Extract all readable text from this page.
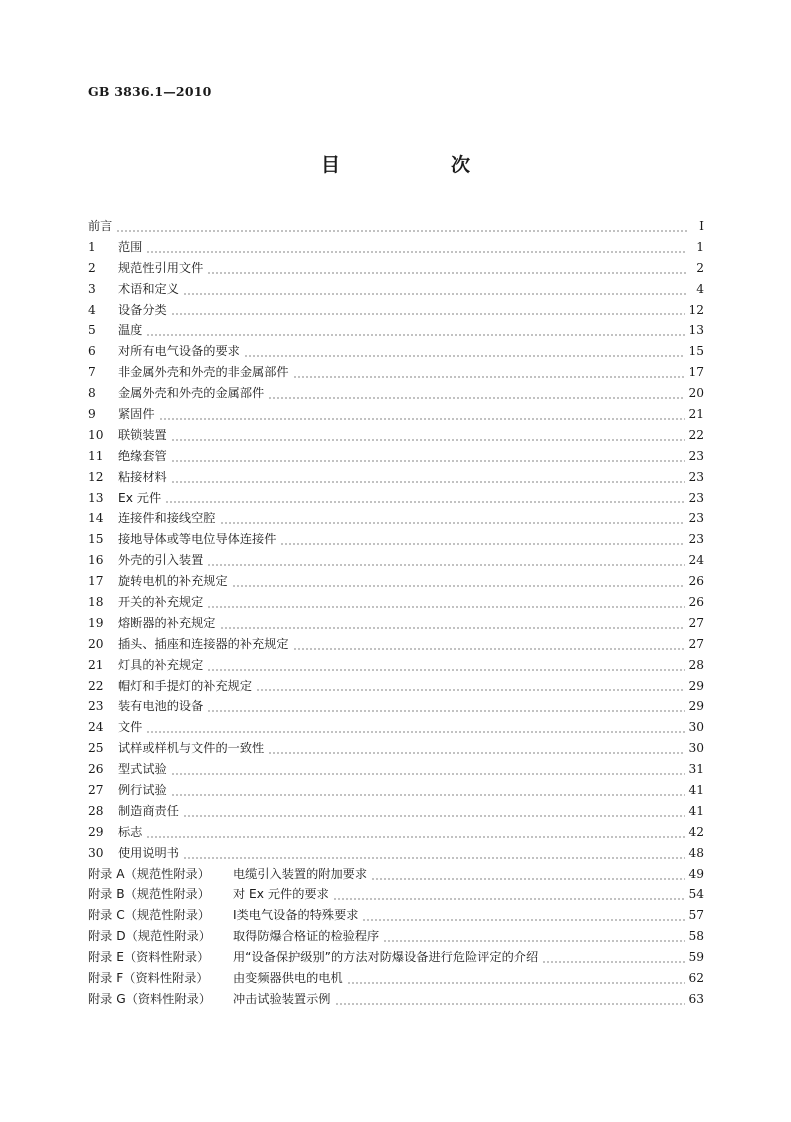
GB 3836.1—2010
目　次
前言	Ⅰ
1	范围	1
2	规范性引用文件	2
3	术语和定义	4
4	设备分类	12
5	温度	13
6	对所有电气设备的要求	15
7	非金属外壳和外壳的非金属部件	17
8	金属外壳和外壳的金属部件	20
9	紧固件	21
10	联锁装置	22
11	绝缘套管	23
12	粘接材料	23
13	Ex 元件	23
14	连接件和接线空腔	23
15	接地导体或等电位导体连接件	23
16	外壳的引入装置	24
17	旋转电机的补充规定	26
18	开关的补充规定	26
19	熔断器的补充规定	27
20	插头、插座和连接器的补充规定	27
21	灯具的补充规定	28
22	帽灯和手提灯的补充规定	29
23	装有电池的设备	29
24	文件	30
25	试样或样机与文件的一致性	30
26	型式试验	31
27	例行试验	41
28	制造商责任	41
29	标志	42
30	使用说明书	48
附录 A（规范性附录）	电缆引入装置的附加要求	49
附录 B（规范性附录）	对 Ex 元件的要求	54
附录 C（规范性附录）	Ⅰ类电气设备的特殊要求	57
附录 D（规范性附录）	取得防爆合格证的检验程序	58
附录 E（资料性附录）	用“设备保护级别”的方法对防爆设备进行危险评定的介绍	59
附录 F（资料性附录）	由变频器供电的电机	62
附录 G（资料性附录）	冲击试验装置示例	63
